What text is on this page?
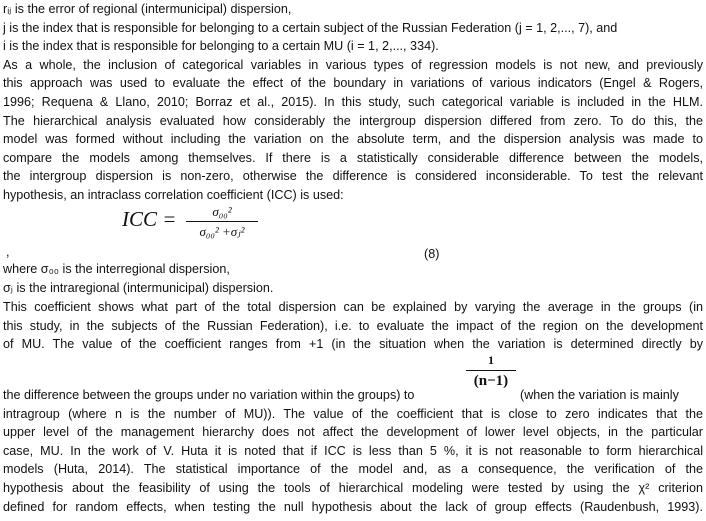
rᵢⱼ is the error of regional (intermunicipal) dispersion,
j is the index that is responsible for belonging to a certain subject of the Russian Federation (j = 1, 2,..., 7), and
i is the index that is responsible for belonging to a certain MU (i = 1, 2,..., 334).
As a whole, the inclusion of categorical variables in various types of regression models is not new, and previously
this approach was used to evaluate the effect of the boundary in variations of various indicators (Engel & Rogers,
1996; Requena & Llano, 2010; Borraz et al., 2015). In this study, such categorical variable is included in the HLM.
The hierarchical analysis evaluated how considerably the intergroup dispersion differed from zero. To do this, the
model was formed without including the variation on the absolute term, and the dispersion analysis was made to
compare the models among themselves. If there is a statistically considerable difference between the models,
the intergroup dispersion is non-zero, otherwise the difference is considered inconsiderable. To test the relevant
hypothesis, an intraclass correlation coefficient (ICC) is used:
ICC =	σ₀₀²
σ₀₀² +σⱼ²
,	(8)
where σ₀₀ is the interregional dispersion,
σⱼ is the intraregional (intermunicipal) dispersion.
This coefficient shows what part of the total dispersion can be explained by varying the average in the groups (in
this study, in the subjects of the Russian Federation), i.e. to evaluate the impact of the region on the development
of MU. The value of the coefficient ranges from +1 (in the situation when the variation is determined directly by
1
(n−1)
the difference between the groups under no variation within the groups) to	(when the variation is mainly
intragroup (where n is the number of MU)). The value of the coefficient that is close to zero indicates that the
upper level of the management hierarchy does not affect the development of lower level objects, in the particular
case, MU. In the work of V. Huta it is noted that if ICC is less than 5 %, it is not reasonable to form hierarchical
models (Huta, 2014). The statistical importance of the model and, as a consequence, the verification of the
hypothesis about the feasibility of using the tools of hierarchical modeling were tested by using the χ² criterion
defined for random effects, when testing the null hypothesis about the lack of group effects (Raudenbush, 1993).
